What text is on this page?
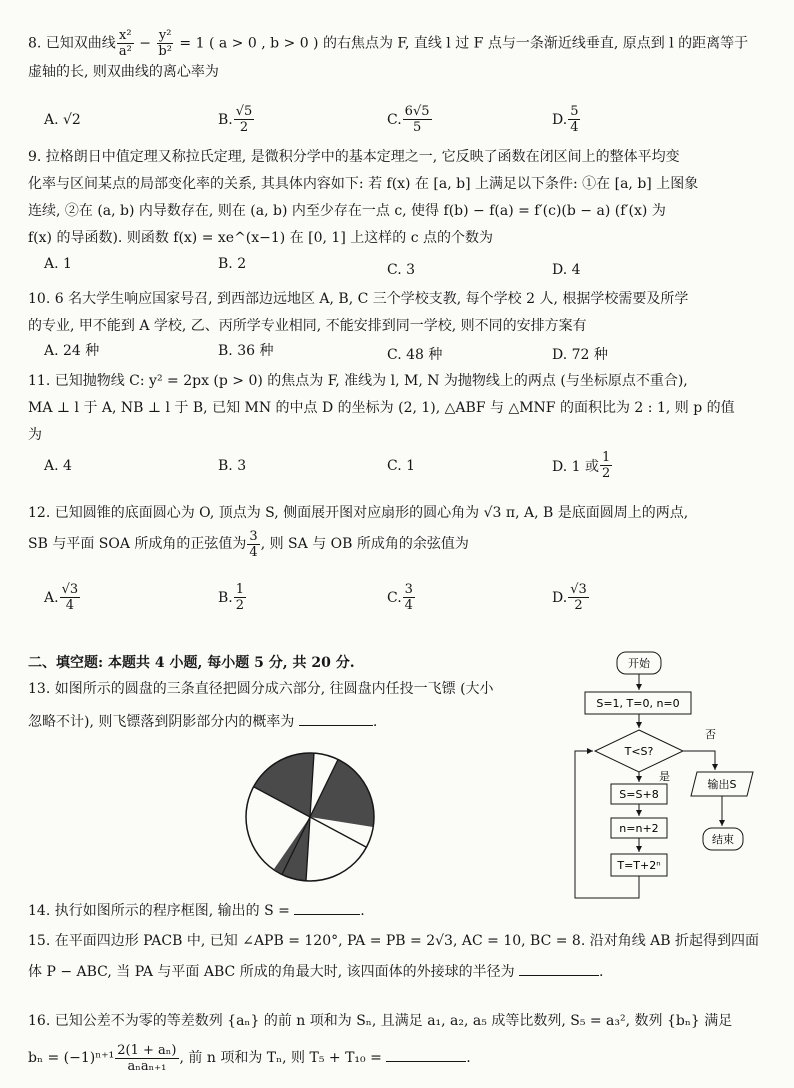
8. 已知双曲线 $\frac{\text{x²}}{\text{a²}} - \frac{\text{y²}}{\text{b²}} = 1$ ( a > 0 , b > 0 ) 的右焦点为 F, 直线 l 过 F 点与一条渐近线垂直, 原点到 l 的距离等于
虚轴的长, 则双曲线的离心率为
A. √2	B. $\frac{√5}{2}$	C. $\frac{6√5}{5}$	D. $\frac{5}{4}$
9. 拉格朗日中值定理又称拉氏定理, 是微积分学中的基本定理之一, 它反映了函数在闭区间上的整体平均变
化率与区间某点的局部变化率的关系, 其具体内容如下: 若 f(x) 在 [a, b] 上满足以下条件: ①在 [a, b] 上图象
连续, ②在 (a, b) 内导数存在, 则在 (a, b) 内至少存在一点 c, 使得 f(b) − f(a) = f′(c)(b − a) (f′(x) 为
f(x) 的导函数). 则函数 f(x) = xe^(x−1) 在 [0, 1] 上这样的 c 点的个数为
A. 1	B. 2	C. 3	D. 4
10. 6 名大学生响应国家号召, 到西部边远地区 A, B, C 三个学校支教, 每个学校 2 人, 根据学校需要及所学
的专业, 甲不能到 A 学校, 乙、丙所学专业相同, 不能安排到同一学校, 则不同的安排方案有
A. 24 种	B. 36 种	C. 48 种	D. 72 种
11. 已知抛物线 C: y² = 2px (p > 0) 的焦点为 F, 准线为 l, M, N 为抛物线上的两点 (与坐标原点不重合),
MA ⊥ l 于 A, NB ⊥ l 于 B, 已知 MN 的中点 D 的坐标为 (2, 1), △ABF 与 △MNF 的面积比为 2 : 1, 则 p 的值
为
A. 4	B. 3	C. 1	D. 1 或 $\frac{1}{2}$
12. 已知圆锥的底面圆心为 O, 顶点为 S, 侧面展开图对应扇形的圆心角为 √3 π, A, B 是底面圆周上的两点,
SB 与平面 SOA 所成角的正弦值为 $\frac{3}{4}$ , 则 SA 与 OB 所成角的余弦值为
A. $\frac{√3}{4}$	B. $\frac{1}{2}$	C. $\frac{3}{4}$	D. $\frac{√3}{2}$
二、填空题: 本题共 4 小题, 每小题 5 分, 共 20 分.
13. 如图所示的圆盘的三条直径把圆分成六部分, 往圆盘内任投一飞镖 (大小
忽略不计), 则飞镖落到阴影部分内的概率为	.
开始
S=1, T=0, n=0
T<S?
否
输出S
结束
是
S=S+8
n=n+2
T=T+2ⁿ
14. 执行如图所示的程序框图, 输出的 S =	.
15. 在平面四边形 PACB 中, 已知 ∠APB = 120°, PA = PB = 2√3, AC = 10, BC = 8. 沿对角线 AB 折起得到四面
体 P − ABC, 当 PA 与平面 ABC 所成的角最大时, 该四面体的外接球的半径为	.
16. 已知公差不为零的等差数列 {aₙ} 的前 n 项和为 Sₙ, 且满足 a₁, a₂, a₅ 成等比数列, S₅ = a₃², 数列 {bₙ} 满足
$b_n = (-1)^{n+1} \frac{\text{2(1 + aₙ)}}{\text{aₙaₙ₊₁}}$ , 前 n 项和为 Tₙ, 则 T₅ + T₁₀ =	.
